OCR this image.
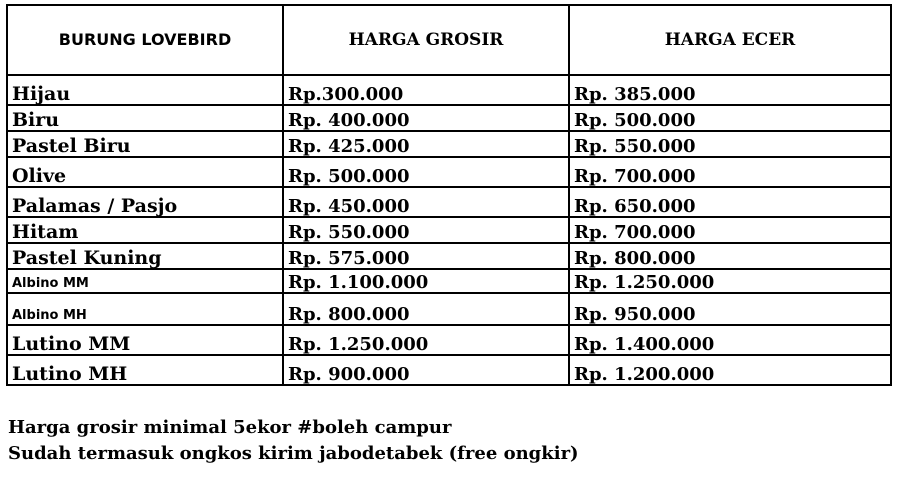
BURUNG LOVEBIRD	HARGA GROSIR	HARGA ECER
Hijau	Rp.300.000	Rp. 385.000
Biru	Rp. 400.000	Rp. 500.000
Pastel Biru	Rp. 425.000	Rp. 550.000
Olive	Rp. 500.000	Rp. 700.000
Palamas / Pasjo	Rp. 450.000	Rp. 650.000
Hitam	Rp. 550.000	Rp. 700.000
Pastel Kuning	Rp. 575.000	Rp. 800.000
Albino MM	Rp. 1.100.000	Rp. 1.250.000
Albino MH	Rp. 800.000	Rp. 950.000
Lutino MM	Rp. 1.250.000	Rp. 1.400.000
Lutino MH	Rp. 900.000	Rp. 1.200.000
Harga grosir minimal 5ekor #boleh campur
Sudah termasuk ongkos kirim jabodetabek (free ongkir)
